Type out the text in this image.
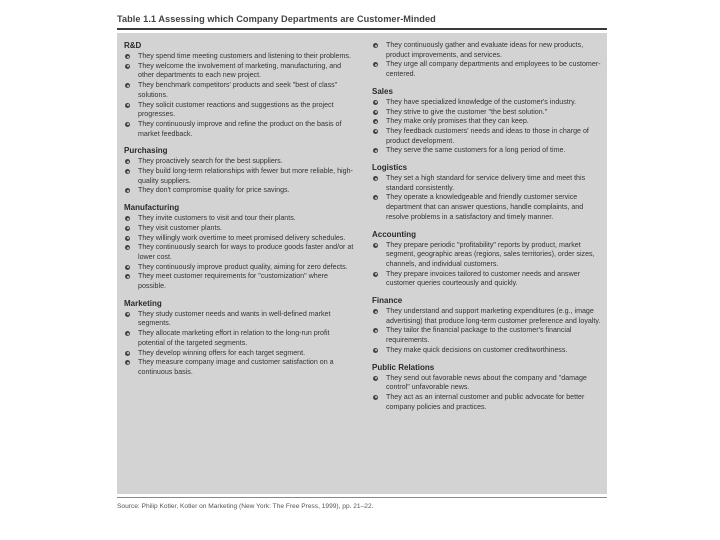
Table 1.1 Assessing which Company Departments are Customer-Minded
R&D
They spend time meeting customers and listening to their problems.
They welcome the involvement of marketing, manufacturing, and other departments to each new project.
They benchmark competitors' products and seek "best of class" solutions.
They solicit customer reactions and suggestions as the project progresses.
They continuously improve and refine the product on the basis of market feedback.
Purchasing
They proactively search for the best suppliers.
They build long-term relationships with fewer but more reliable, high-quality suppliers.
They don't compromise quality for price savings.
Manufacturing
They invite customers to visit and tour their plants.
They visit customer plants.
They willingly work overtime to meet promised delivery schedules.
They continuously search for ways to produce goods faster and/or at lower cost.
They continuously improve product quality, aiming for zero defects.
They meet customer requirements for "customization" where possible.
Marketing
They study customer needs and wants in well-defined market segments.
They allocate marketing effort in relation to the long-run profit potential of the targeted segments.
They develop winning offers for each target segment.
They measure company image and customer satisfaction on a continuous basis.
They continuously gather and evaluate ideas for new products, product improvements, and services.
They urge all company departments and employees to be customer-centered.
Sales
They have specialized knowledge of the customer's industry.
They strive to give the customer "the best solution."
They make only promises that they can keep.
They feedback customers' needs and ideas to those in charge of product development.
They serve the same customers for a long period of time.
Logistics
They set a high standard for service delivery time and meet this standard consistently.
They operate a knowledgeable and friendly customer service department that can answer questions, handle complaints, and resolve problems in a satisfactory and timely manner.
Accounting
They prepare periodic "profitability" reports by product, market segment, geographic areas (regions, sales territories), order sizes, channels, and individual customers.
They prepare invoices tailored to customer needs and answer customer queries courteously and quickly.
Finance
They understand and support marketing expenditures (e.g., image advertising) that produce long-term customer preference and loyalty.
They tailor the financial package to the customer's financial requirements.
They make quick decisions on customer creditworthiness.
Public Relations
They send out favorable news about the company and "damage control" unfavorable news.
They act as an internal customer and public advocate for better company policies and practices.
Source: Philip Kotler, Kotler on Marketing (New York: The Free Press, 1999), pp. 21–22.
